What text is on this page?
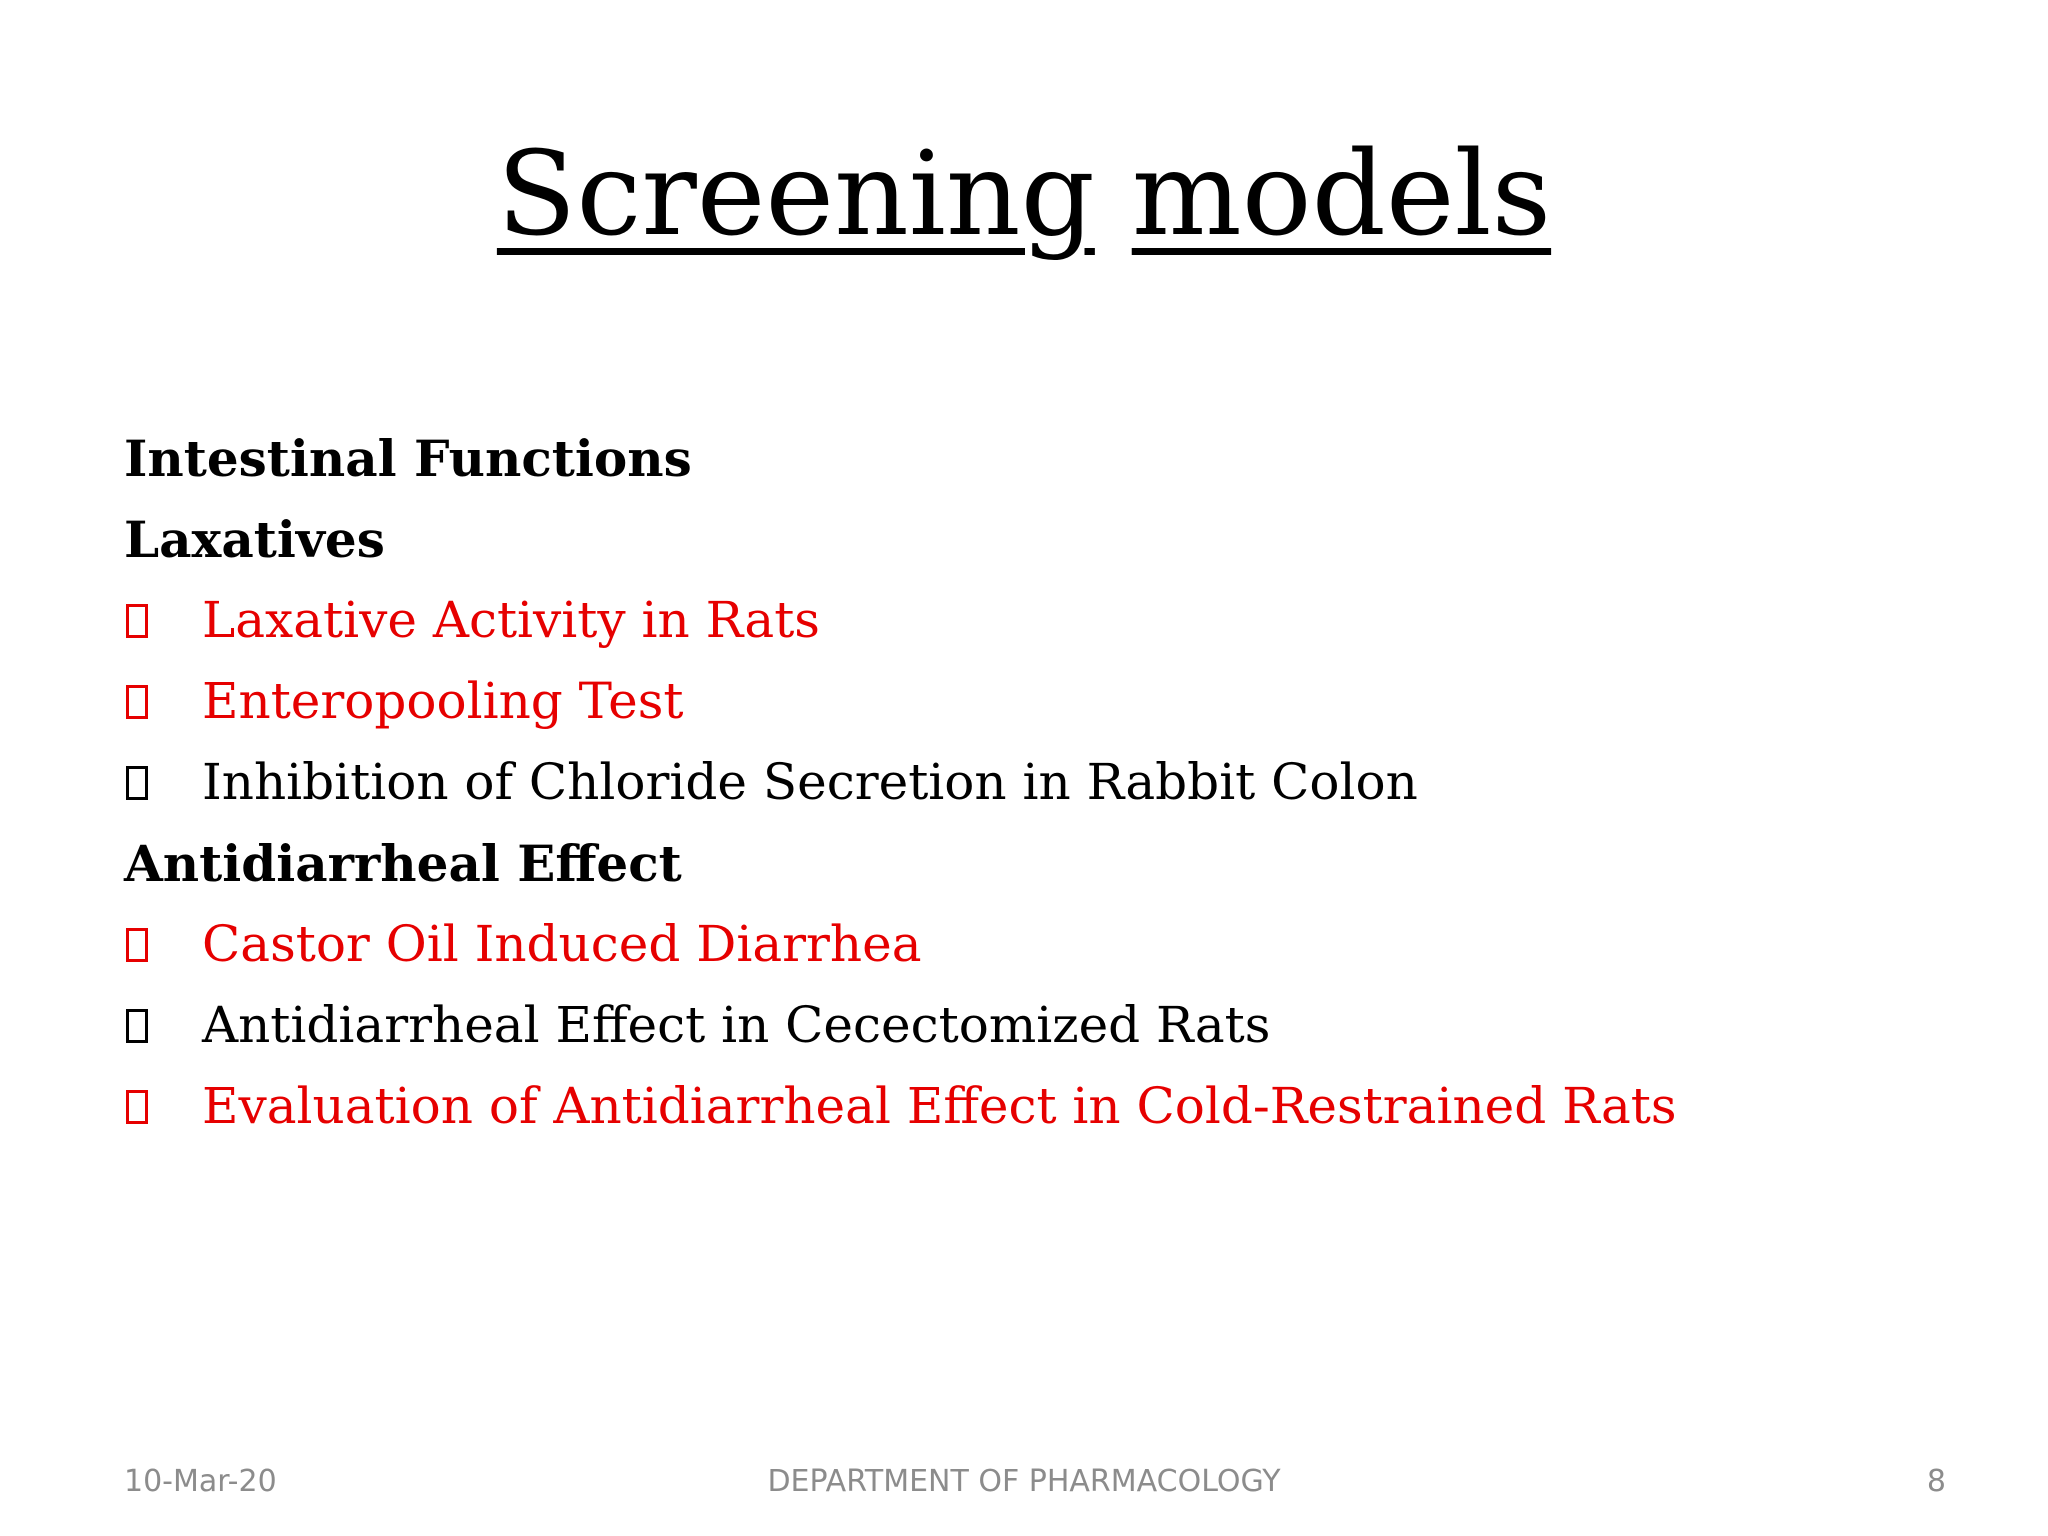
Screening models
Intestinal Functions
Laxatives
Laxative Activity in Rats
Enteropooling Test
Inhibition of Chloride Secretion in Rabbit Colon
Antidiarrheal Effect
Castor Oil Induced Diarrhea
Antidiarrheal Effect in Cecectomized Rats
Evaluation of Antidiarrheal Effect in Cold-Restrained Rats
10-Mar-20	DEPARTMENT OF PHARMACOLOGY	8
